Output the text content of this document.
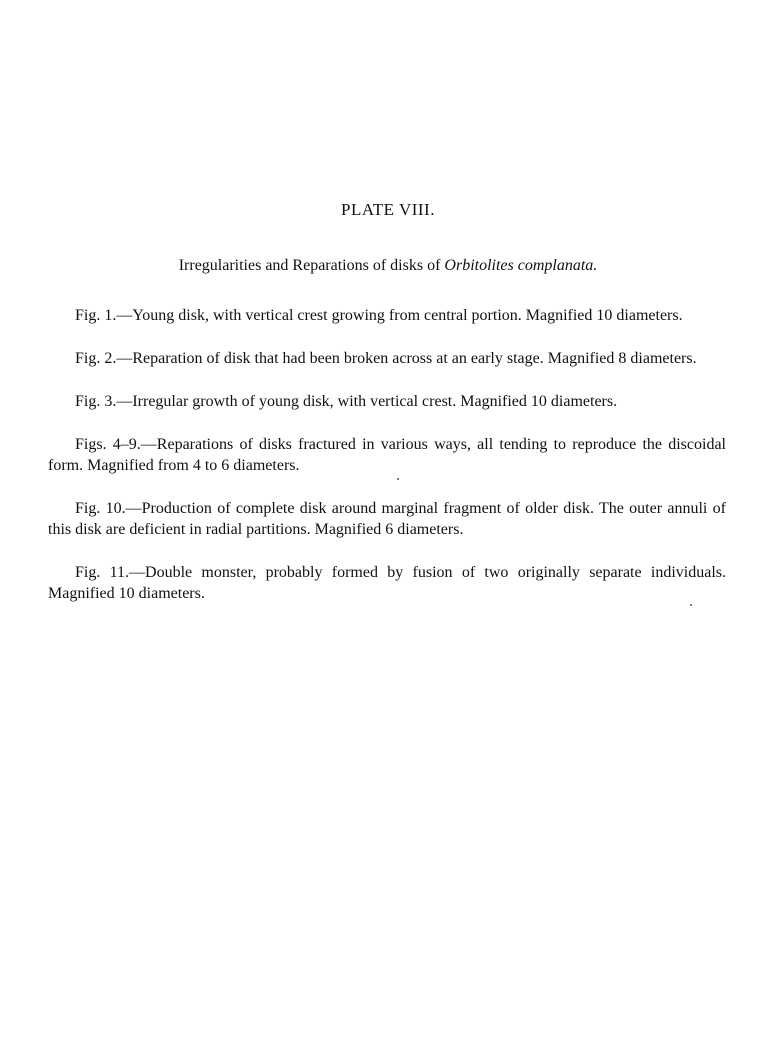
PLATE VIII.
Irregularities and Reparations of disks of Orbitolites complanata.

Fig. 1.—Young disk, with vertical crest growing from central portion. Magnified 10 diameters.

Fig. 2.—Reparation of disk that had been broken across at an early stage. Magnified 8 diameters.

Fig. 3.—Irregular growth of young disk, with vertical crest. Magnified 10 diameters.

Figs. 4–9.—Reparations of disks fractured in various ways, all tending to reproduce the discoidal form. Magnified from 4 to 6 diameters.

Fig. 10.—Production of complete disk around marginal fragment of older disk. The outer annuli of this disk are deficient in radial partitions. Magnified 6 diameters.

Fig. 11.—Double monster, probably formed by fusion of two originally separate individuals. Magnified 10 diameters.
